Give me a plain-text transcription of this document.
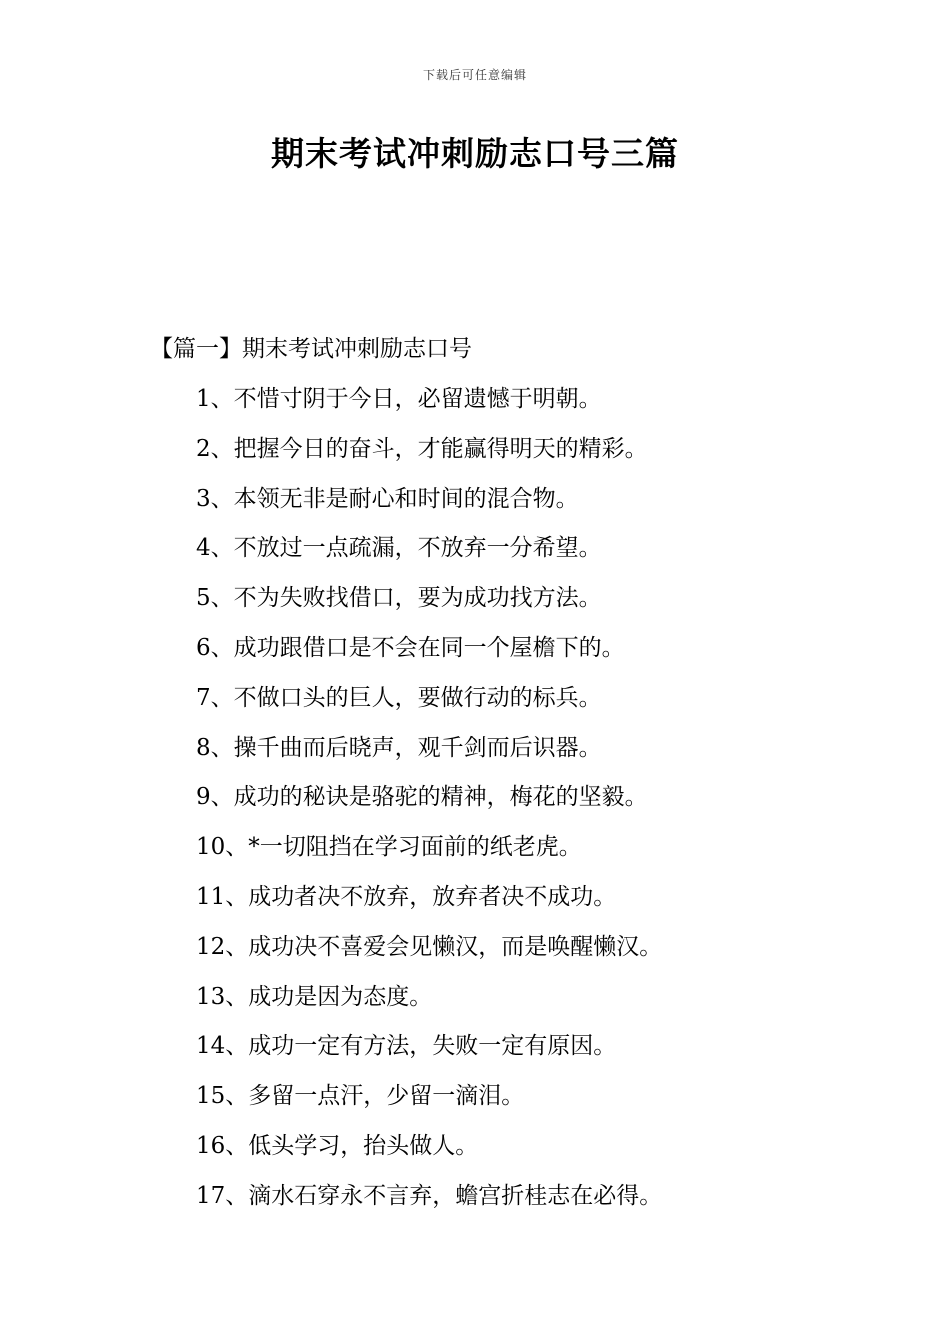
下载后可任意编辑
期末考试冲刺励志口号三篇
【篇一】期末考试冲刺励志口号
1、不惜寸阴于今日，必留遗憾于明朝。
2、把握今日的奋斗，才能赢得明天的精彩。
3、本领无非是耐心和时间的混合物。
4、不放过一点疏漏，不放弃一分希望。
5、不为失败找借口，要为成功找方法。
6、成功跟借口是不会在同一个屋檐下的。
7、不做口头的巨人，要做行动的标兵。
8、操千曲而后晓声，观千剑而后识器。
9、成功的秘诀是骆驼的精神，梅花的坚毅。
10、*一切阻挡在学习面前的纸老虎。
11、成功者决不放弃，放弃者决不成功。
12、成功决不喜爱会见懒汉，而是唤醒懒汉。
13、成功是因为态度。
14、成功一定有方法，失败一定有原因。
15、多留一点汗，少留一滴泪。
16、低头学习，抬头做人。
17、滴水石穿永不言弃，蟾宫折桂志在必得。
